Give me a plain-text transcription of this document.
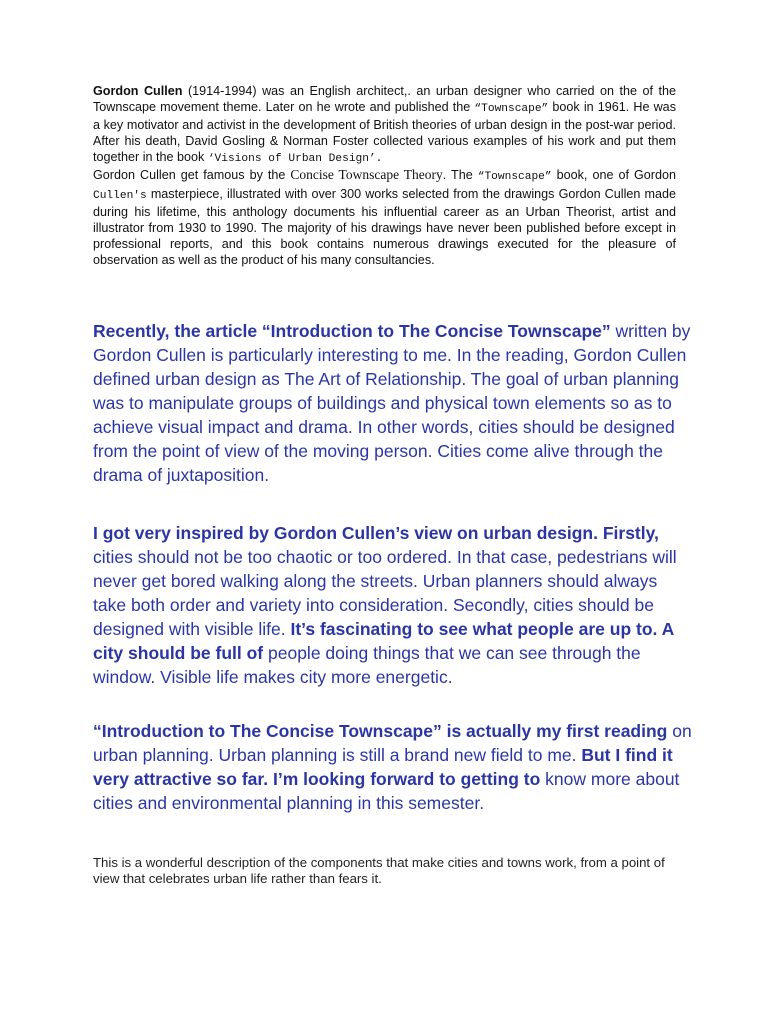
Gordon Cullen (1914-1994) was an English architect,. an urban designer who carried on the of the Townscape movement theme. Later on he wrote and published the “Townscape” book in 1961. He was a key motivator and activist in the development of British theories of urban design in the post-war period. After his death, David Gosling & Norman Foster collected various examples of his work and put them together in the book ‘Visions of Urban Design’.

Gordon Cullen get famous by the Concise Townscape Theory. The “Townscape” book, one of Gordon Cullen's masterpiece, illustrated with over 300 works selected from the drawings Gordon Cullen made during his lifetime, this anthology documents his influential career as an Urban Theorist, artist and illustrator from 1930 to 1990. The majority of his drawings have never been published before except in professional reports, and this book contains numerous drawings executed for the pleasure of observation as well as the product of his many consultancies.

Recently, the article “Introduction to The Concise Townscape” written by Gordon Cullen is particularly interesting to me. In the reading, Gordon Cullen defined urban design as The Art of Relationship. The goal of urban planning was to manipulate groups of buildings and physical town elements so as to achieve visual impact and drama. In other words, cities should be designed from the point of view of the moving person. Cities come alive through the drama of juxtaposition.

I got very inspired by Gordon Cullen’s view on urban design. Firstly, cities should not be too chaotic or too ordered. In that case, pedestrians will never get bored walking along the streets. Urban planners should always take both order and variety into consideration. Secondly, cities should be designed with visible life. It’s fascinating to see what people are up to. A city should be full of people doing things that we can see through the window. Visible life makes city more energetic.

“Introduction to The Concise Townscape” is actually my first reading on urban planning. Urban planning is still a brand new field to me. But I find it very attractive so far. I’m looking forward to getting to know more about cities and environmental planning in this semester.

This is a wonderful description of the components that make cities and towns work, from a point of view that celebrates urban life rather than fears it.
